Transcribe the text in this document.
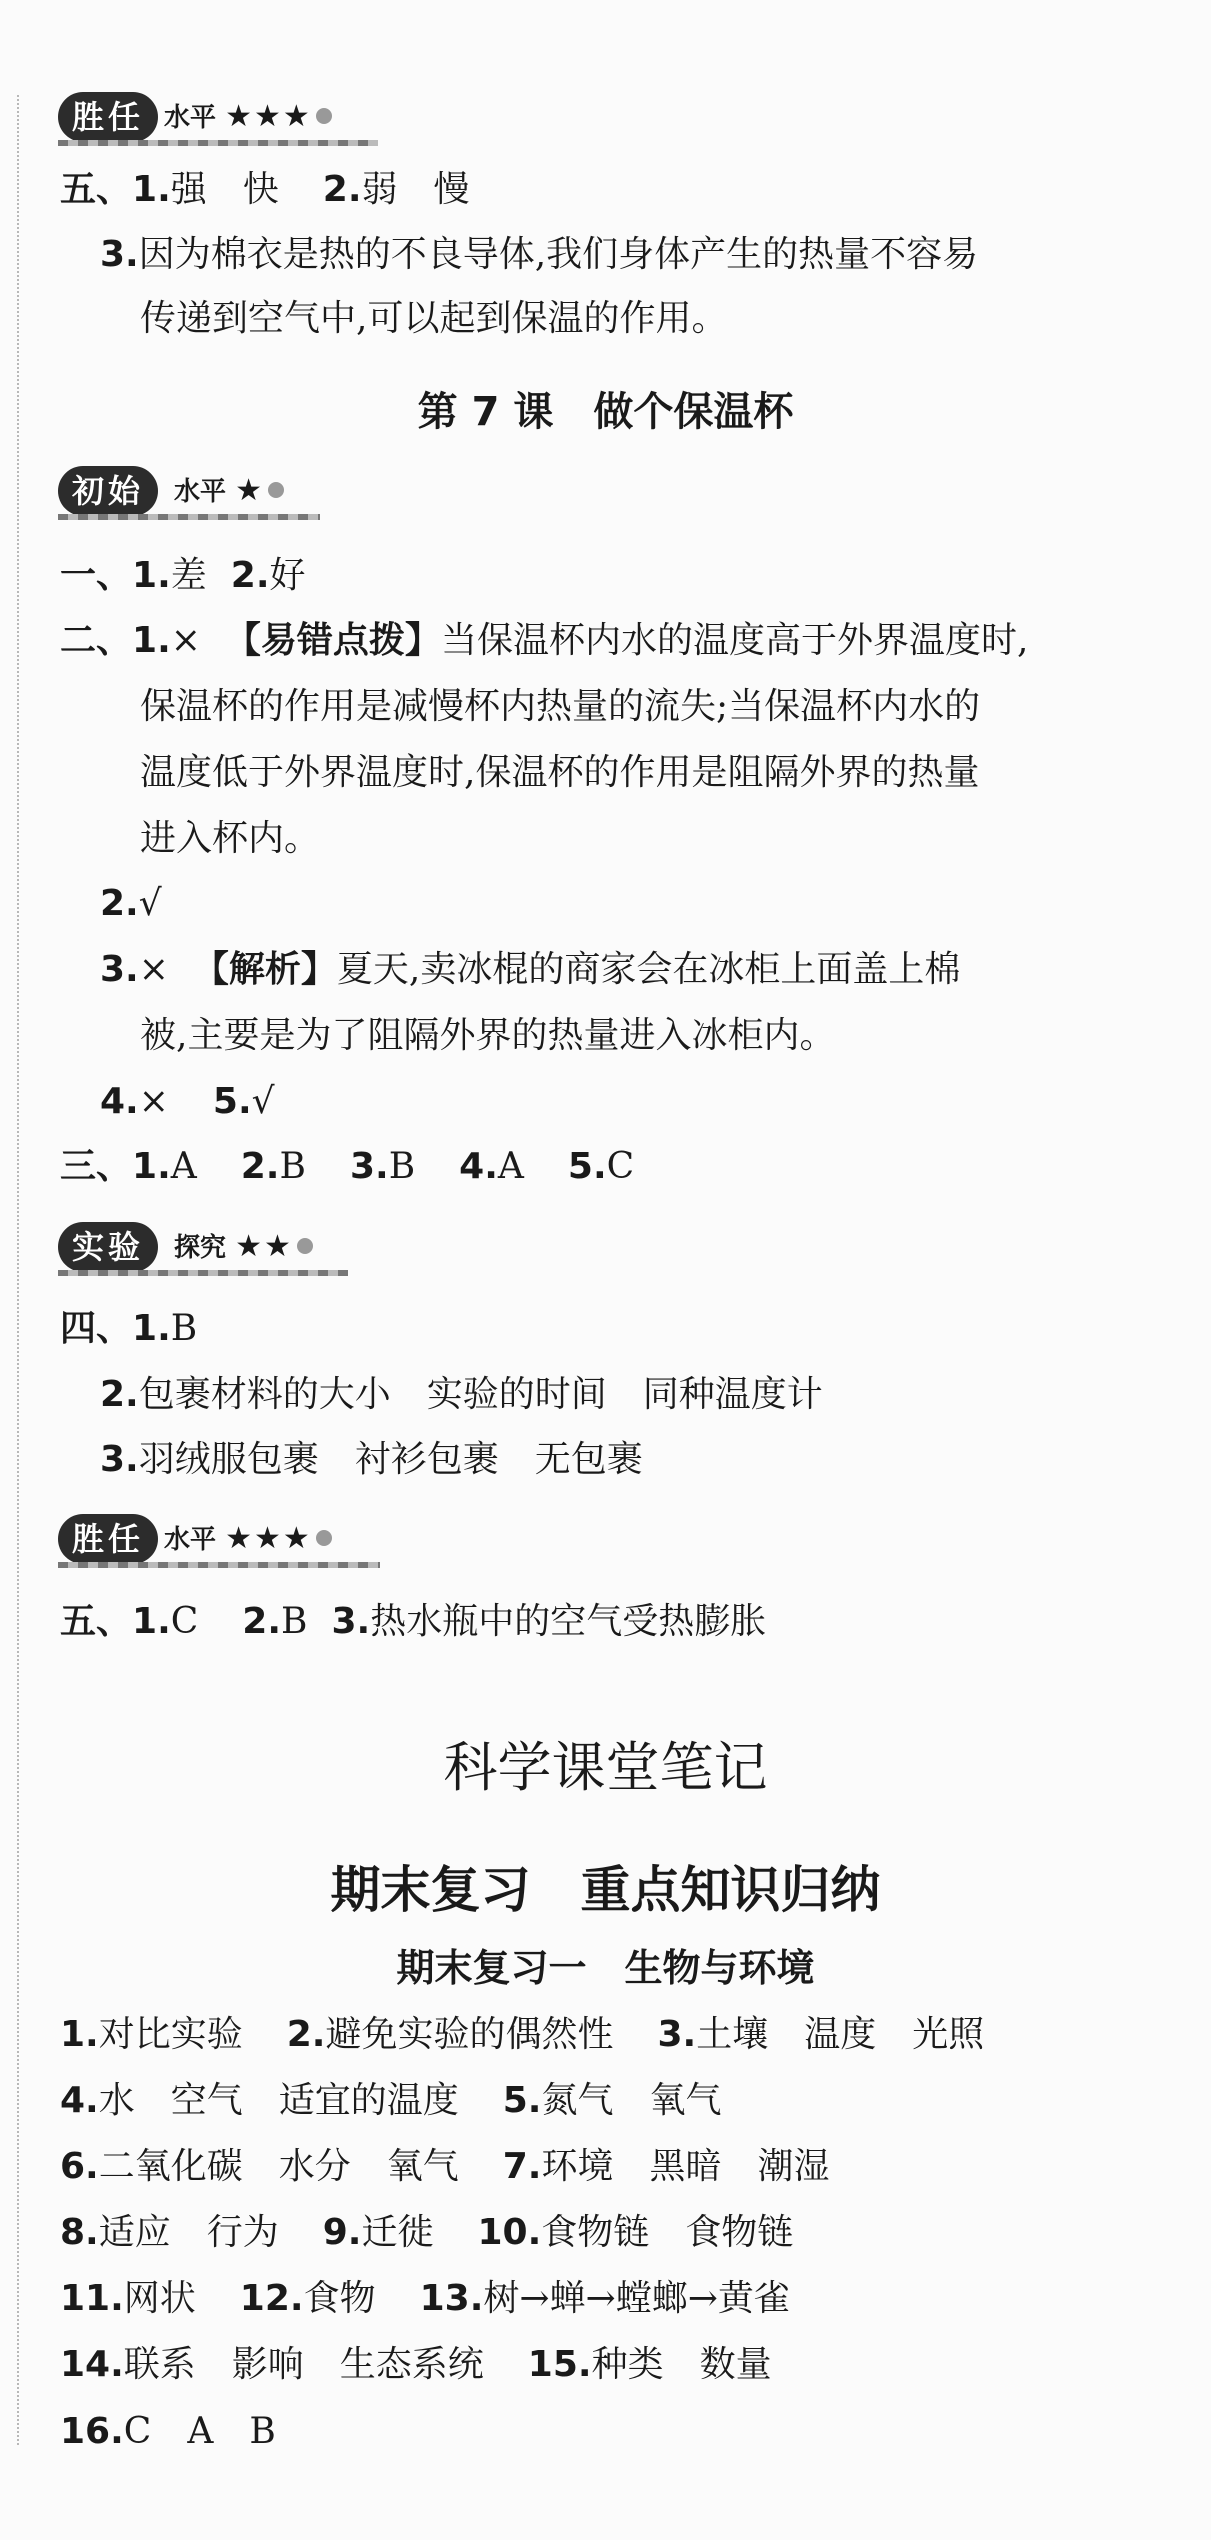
胜任 水平 ★★★
五、1.强　快 2.弱　慢
3.因为棉衣是热的不良导体,我们身体产生的热量不容易
传递到空气中,可以起到保温的作用。
第 7 课　做个保温杯
初始	水平 ★
一、1.差 2.好
二、1.× 【易错点拨】当保温杯内水的温度高于外界温度时,
保温杯的作用是减慢杯内热量的流失;当保温杯内水的
温度低于外界温度时,保温杯的作用是阻隔外界的热量
进入杯内。
2.√
3.× 【解析】夏天,卖冰棍的商家会在冰柜上面盖上棉
被,主要是为了阻隔外界的热量进入冰柜内。
4.× 5.√
三、1.A 2.B 3.B 4.A 5.C
实验	探究 ★★
四、1.B
2.包裹材料的大小　实验的时间　同种温度计
3.羽绒服包裹　衬衫包裹　无包裹
胜任 水平 ★★★
五、1.C 2.B 3.热水瓶中的空气受热膨胀
科学课堂笔记
期末复习　重点知识归纳
期末复习一　生物与环境
1.对比实验 2.避免实验的偶然性 3.土壤　温度　光照
4.水　空气　适宜的温度 5.氮气　氧气
6.二氧化碳　水分　氧气 7.环境　黑暗　潮湿
8.适应　行为 9.迁徙 10.食物链　食物链
11.网状 12.食物 13.树→蝉→螳螂→黄雀
14.联系　影响　生态系统 15.种类　数量
16.C　A　B
